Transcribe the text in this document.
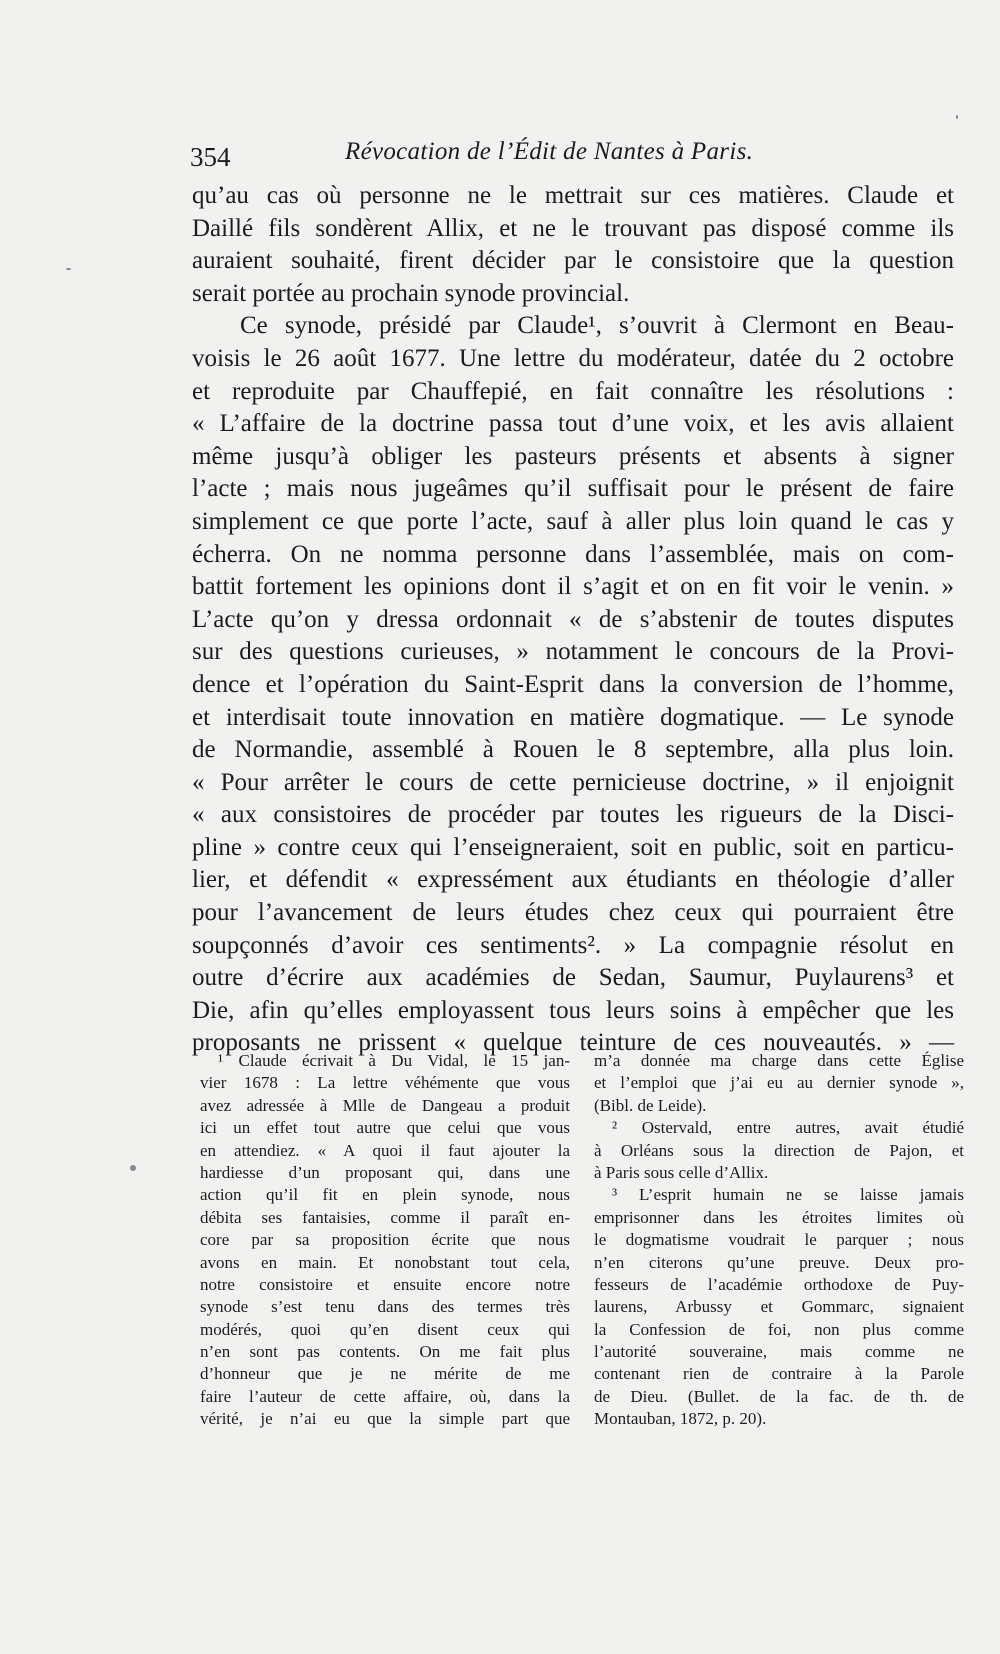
354	Révocation de l’Édit de Nantes à Paris.
qu’au cas où personne ne le mettrait sur ces matières. Claude et
Daillé fils sondèrent Allix, et ne le trouvant pas disposé comme ils
auraient souhaité, firent décider par le consistoire que la question
serait portée au prochain synode provincial.
Ce synode, présidé par Claude¹, s’ouvrit à Clermont en Beau-
voisis le 26 août 1677. Une lettre du modérateur, datée du 2 octobre
et reproduite par Chauffepié, en fait connaître les résolutions :
« L’affaire de la doctrine passa tout d’une voix, et les avis allaient
même jusqu’à obliger les pasteurs présents et absents à signer
l’acte ; mais nous jugeâmes qu’il suffisait pour le présent de faire
simplement ce que porte l’acte, sauf à aller plus loin quand le cas y
écherra. On ne nomma personne dans l’assemblée, mais on com-
battit fortement les opinions dont il s’agit et on en fit voir le venin. »
L’acte qu’on y dressa ordonnait « de s’abstenir de toutes disputes
sur des questions curieuses, » notamment le concours de la Provi-
dence et l’opération du Saint-Esprit dans la conversion de l’homme,
et interdisait toute innovation en matière dogmatique. — Le synode
de Normandie, assemblé à Rouen le 8 septembre, alla plus loin.
« Pour arrêter le cours de cette pernicieuse doctrine, » il enjoignit
« aux consistoires de procéder par toutes les rigueurs de la Disci-
pline » contre ceux qui l’enseigneraient, soit en public, soit en particu-
lier, et défendit « expressément aux étudiants en théologie d’aller
pour l’avancement de leurs études chez ceux qui pourraient être
soupçonnés d’avoir ces sentiments². » La compagnie résolut en
outre d’écrire aux académies de Sedan, Saumur, Puylaurens³ et
Die, afin qu’elles employassent tous leurs soins à empêcher que les
proposants ne prissent « quelque teinture de ces nouveautés. » —
¹ Claude écrivait à Du Vidal, le 15 jan-
vier 1678 : La lettre véhémente que vous
avez adressée à Mlle de Dangeau a produit
ici un effet tout autre que celui que vous
en attendiez. « A quoi il faut ajouter la
hardiesse d’un proposant qui, dans une
action qu’il fit en plein synode, nous
débita ses fantaisies, comme il paraît en-
core par sa proposition écrite que nous
avons en main. Et nonobstant tout cela,
notre consistoire et ensuite encore notre
synode s’est tenu dans des termes très
modérés, quoi qu’en disent ceux qui
n’en sont pas contents. On me fait plus
d’honneur que je ne mérite de me
faire l’auteur de cette affaire, où, dans la
vérité, je n’ai eu que la simple part que
m’a donnée ma charge dans cette Église
et l’emploi que j’ai eu au dernier synode »,
(Bibl. de Leide).
² Ostervald, entre autres, avait étudié
à Orléans sous la direction de Pajon, et
à Paris sous celle d’Allix.
³ L’esprit humain ne se laisse jamais
emprisonner dans les étroites limites où
le dogmatisme voudrait le parquer ; nous
n’en citerons qu’une preuve. Deux pro-
fesseurs de l’académie orthodoxe de Puy-
laurens, Arbussy et Gommarc, signaient
la Confession de foi, non plus comme
l’autorité souveraine, mais comme ne
contenant rien de contraire à la Parole
de Dieu. (Bullet. de la fac. de th. de
Montauban, 1872, p. 20).
